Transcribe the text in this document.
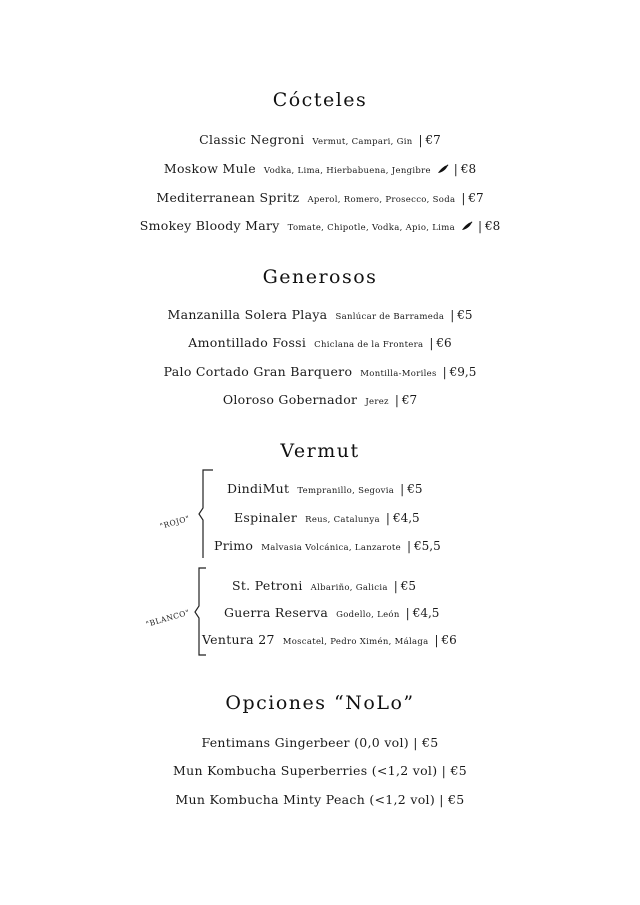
Cócteles
Classic Negroni Vermut, Campari, Gin | €7
Moskow Mule Vodka, Lima, Hierbabuena, Jengibre | €8
Mediterranean Spritz Aperol, Romero, Prosecco, Soda | €7
Smokey Bloody Mary Tomate, Chipotle, Vodka, Apio, Lima | €8
Generosos
Manzanilla Solera Playa Sanlúcar de Barrameda | €5
Amontillado Fossi Chiclana de la Frontera | €6
Palo Cortado Gran Barquero Montilla-Moriles | €9,5
Oloroso Gobernador Jerez | €7
Vermut
"ROJO"
"BLANCO"
DindiMut Tempranillo, Segovia | €5
Espinaler Reus, Catalunya | €4,5
Primo Malvasia Volcánica, Lanzarote | €5,5
St. Petroni Albariño, Galicia | €5
Guerra Reserva Godello, León | €4,5
Ventura 27 Moscatel, Pedro Ximén, Málaga | €6
Opciones “NoLo”
Fentimans Gingerbeer (0,0 vol) | €5
Mun Kombucha Superberries (<1,2 vol) | €5
Mun Kombucha Minty Peach (<1,2 vol) | €5
